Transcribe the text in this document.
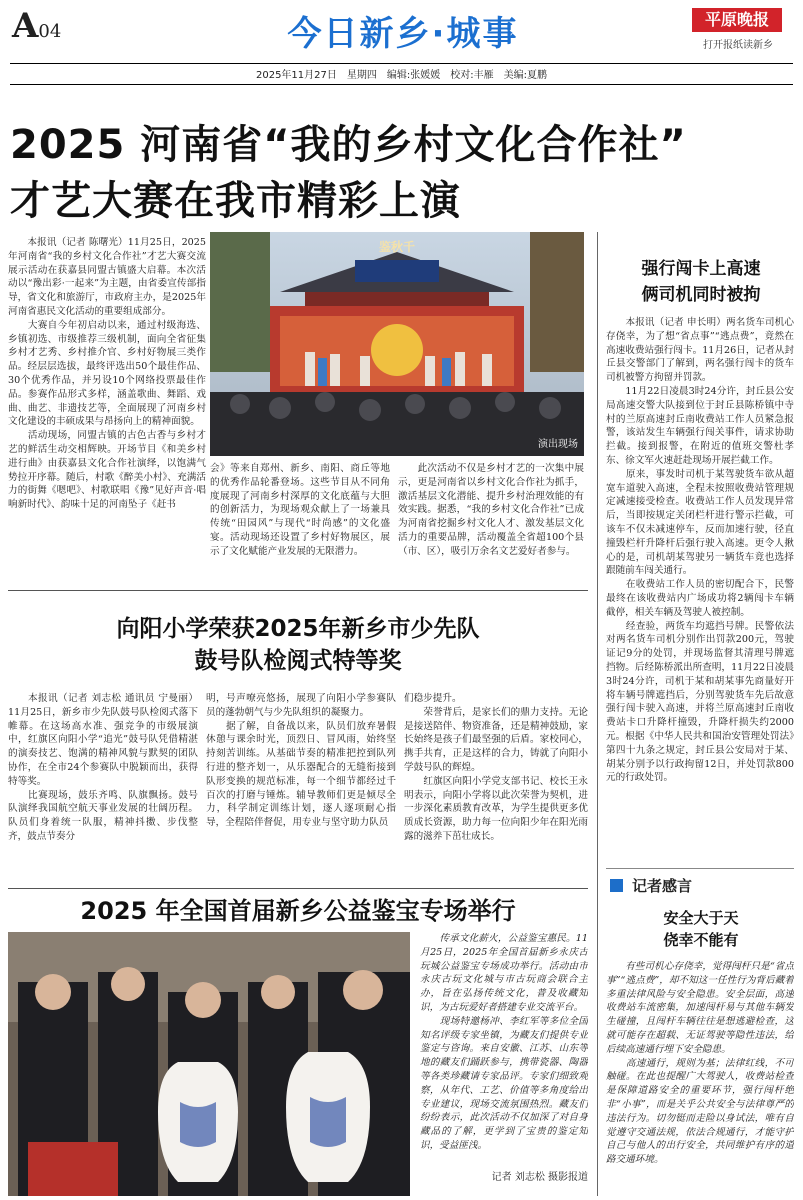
A04	今日新乡·城事	平原晚报
打开报纸读新乡
2025年11月27日　星期四　编辑:张媛媛　校对:丰雁　美编:夏鹏
2025 河南省“我的乡村文化合作社”
才艺大赛在我市精彩上演
　　本报讯（记者 陈曙光）11月25日，2025年河南省“我的乡村文化合作社”才艺大赛交流展示活动在获嘉县同盟古镇盛大启幕。本次活动以“豫出彩·一起来”为主题，由省委宣传部指导，省文化和旅游厅，市政府主办，是2025年河南省惠民文化活动的重要组成部分。
　　大赛自今年初启动以来，通过村级海选、乡镇初选、市级推荐三级机制，面向全省征集乡村才艺秀、乡村推介官、乡村好物展三类作品。经层层选拔，最终评选出50个最佳作品、30个优秀作品，并另设10个网络投票最佳作品。参赛作品形式多样，涵盖歌曲、舞蹈、戏曲、曲艺、非遗技艺等，全面展现了河南乡村文化建设的丰硕成果与昂扬向上的精神面貌。
　　活动现场，同盟古镇的古色古香与乡村才艺的鲜活生动交相辉映。开场节目《和美乡村进行曲》由获嘉县文化合作社演绎，以饱满气势拉开序幕。随后，村歌《醉美小村》、充满活力的街舞《嗯吧》、村歌联唱《豫”见好声音·唱响新时代》、韵味十足的河南坠子《赶书
鉴秋千
演出现场
会》等来自郑州、新乡、南阳、商丘等地的优秀作品轮番登场。这些节目从不同角度展现了河南乡村深厚的文化底蕴与大胆的创新活力，为现场观众献上了一场兼具传统“田园风”与现代“时尚感”的文化盛宴。活动现场还设置了乡村好物展区，展示了文化赋能产业发展的无限潜力。
　　此次活动不仅是乡村才艺的一次集中展示，更是河南省以乡村文化合作社为抓手，激活基层文化潜能、提升乡村治理效能的有效实践。据悉，“我的乡村文化合作社”已成为河南省挖掘乡村文化人才、激发基层文化活力的重要品牌，活动覆盖全省超100个县（市、区），吸引万余名文艺爱好者参与。
向阳小学荣获2025年新乡市少先队
鼓号队检阅式特等奖
　　本报讯（记者 刘志松 通讯员 宁曼丽）11月25日，新乡市少先队鼓号队检阅式落下帷幕。在这场高水准、强竞争的市级展演中，红旗区向阳小学“追光”鼓号队凭借精湛的演奏技艺、饱满的精神风貌与默契的团队协作，在全市24个参赛队中脱颖而出，获得特等奖。
　　比赛现场，鼓乐齐鸣、队旗飘扬。鼓号队演绎我国航空航天事业发展的壮阔历程。队员们身着统一队服，精神抖擞、步伐整齐，鼓点节奏分
明，号声嘹亮悠扬，展现了向阳小学参赛队员的蓬勃朝气与少先队组织的凝聚力。
　　据了解，自备战以来，队员们放弃暑假休憩与课余时光，顶烈日、冒风雨，始终坚持刻苦训练。从基础节奏的精准把控到队列行进的整齐划一，从乐器配合的无缝衔接到队形变换的规范标准，每一个细节都经过千百次的打磨与锤炼。辅导教师们更是倾尽全力，科学制定训练计划，逐人逐项耐心指导，全程陪伴督促，用专业与坚守助力队员
们稳步提升。
　　荣誉背后，是家长们的鼎力支持。无论是接送陪伴、物资准备，还是精神鼓励，家长始终是孩子们最坚强的后盾。家校同心，携手共育，正是这样的合力，铸就了向阳小学鼓号队的辉煌。
　　红旗区向阳小学党支部书记、校长王永明表示，向阳小学将以此次荣誉为契机，进一步深化素质教育改革，为学生提供更多优质成长资源，助力每一位向阳少年在阳光雨露的滋养下茁壮成长。
2025 年全国首届新乡公益鉴宝专场举行
　　传承文化薪火，公益鉴宝惠民。11月25日，2025年全国首届新乡永庆古玩城公益鉴宝专场成功举行。活动由市永庆古玩文化城与市古玩商会联合主办，旨在弘扬传统文化，普及收藏知识，为古玩爱好者搭建专业交流平台。
　　现场特邀杨冲、李红军等多位全国知名评级专家坐镇，为藏友们提供专业鉴定与咨询。来自安徽、江苏、山东等地的藏友们踊跃参与，携带瓷器、陶器等各类珍藏请专家品评。专家们细致观察，从年代、工艺、价值等多角度给出专业建议，现场交流氛围热烈。藏友们纷纷表示，此次活动不仅加深了对自身藏品的了解，更学到了宝贵的鉴定知识，受益匪浅。
记者 刘志松 摄影报道
强行闯卡上高速
俩司机同时被拘
　　本报讯（记者 申长明）两名货车司机心存侥幸，为了想“省点事”“逃点费”，竟然在高速收费站强行闯卡。11月26日，记者从封丘县交警部门了解到，两名强行闯卡的货车司机被警方拘留并罚款。
　　11月22日凌晨3时24分许，封丘县公安局高速交警大队接到位于封丘县陈桥镇中寺村的兰原高速封丘南收费站工作人员紧急报警，该站发生车辆强行闯关事件，请求协助拦截。接到报警，在附近的值班交警杜孝东、徐文军火速赶赴现场开展拦截工作。
　　原来，事发时司机于某驾驶货车欲从超宽车道驶入高速，全程未按照收费站管理规定减速接受检查。收费站工作人员发现异常后，当即按规定关闭栏杆进行警示拦截，可该车不仅未减速停车，反而加速行驶，径直撞毁栏杆升降杆后强行驶入高速。更令人揪心的是，司机胡某驾驶另一辆货车竟也选择跟随前车闯关通行。
　　在收费站工作人员的密切配合下，民警最终在该收费站内广场成功将2辆闯卡车辆截停，相关车辆及驾驶人被控制。
　　经查验，两货车均遮挡号牌。民警依法对两名货车司机分别作出罚款200元，驾驶证记9分的处罚，并现场监督其清理号牌遮挡物。后经陈桥派出所查明，11月22日凌晨3时24分许，司机于某和胡某事先商量好开将车辆号牌遮挡后，分别驾驶货车先后故意强行闯卡驶入高速，并将兰原高速封丘南收费站卡口升降杆撞毁，升降杆损失约2000元。根据《中华人民共和国治安管理处罚法》第四十九条之规定，封丘县公安局对于某、胡某分别予以行政拘留12日，并处罚款800元的行政处罚。
记者感言
安全大于天
侥幸不能有
　　有些司机心存侥幸，觉得闯杆只是“省点事”“逃点费”，却不知这一任性行为背后藏着多重法律风险与安全隐患。安全层面，高速收费站车流密集，加速闯杆易与其他车辆发生碰撞，且闯杆车辆往往是想逃避检查，这就可能存在超载、无证驾驶等隐性违法，给后续高速通行埋下安全隐患。
　　高速通行，规则为基；法律红线，不可触碰。在此也提醒广大驾驶人，收费站检查是保障道路安全的重要环节，强行闯杆绝非“小事”，而是关乎公共安全与法律尊严的违法行为。切勿铤而走险以身试法，唯有自觉遵守交通法规，依法合规通行，才能守护自己与他人的出行安全，共同维护有序的道路交通环境。
